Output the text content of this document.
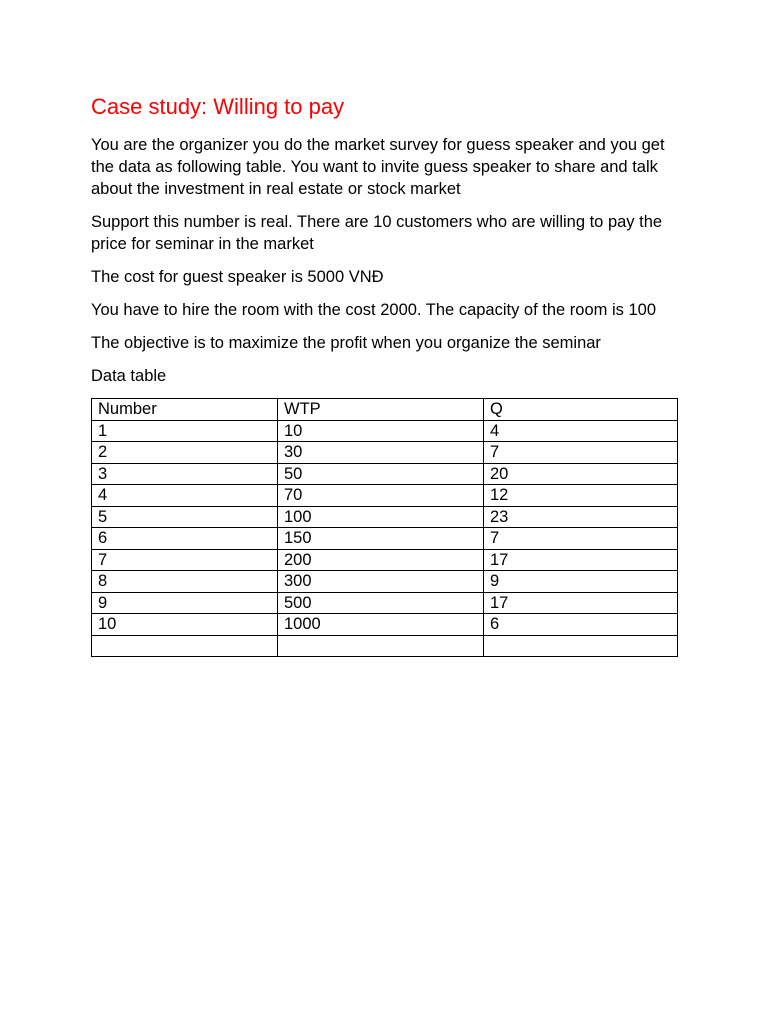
Case study: Willing to pay

You are the organizer you do the market survey for guess speaker and you get the data as following table. You want to invite guess speaker to share and talk about the investment in real estate or stock market

Support this number is real. There are 10 customers who are willing to pay the price for seminar in the market

The cost for guest speaker is 5000 VNĐ

You have to hire the room with the cost 2000. The capacity of the room is 100

The objective is to maximize the profit when you organize the seminar

Data table

Number	WTP	Q
1	10	4
2	30	7
3	50	20
4	70	12
5	100	23
6	150	7
7	200	17
8	300	9
9	500	17
10	1000	6
